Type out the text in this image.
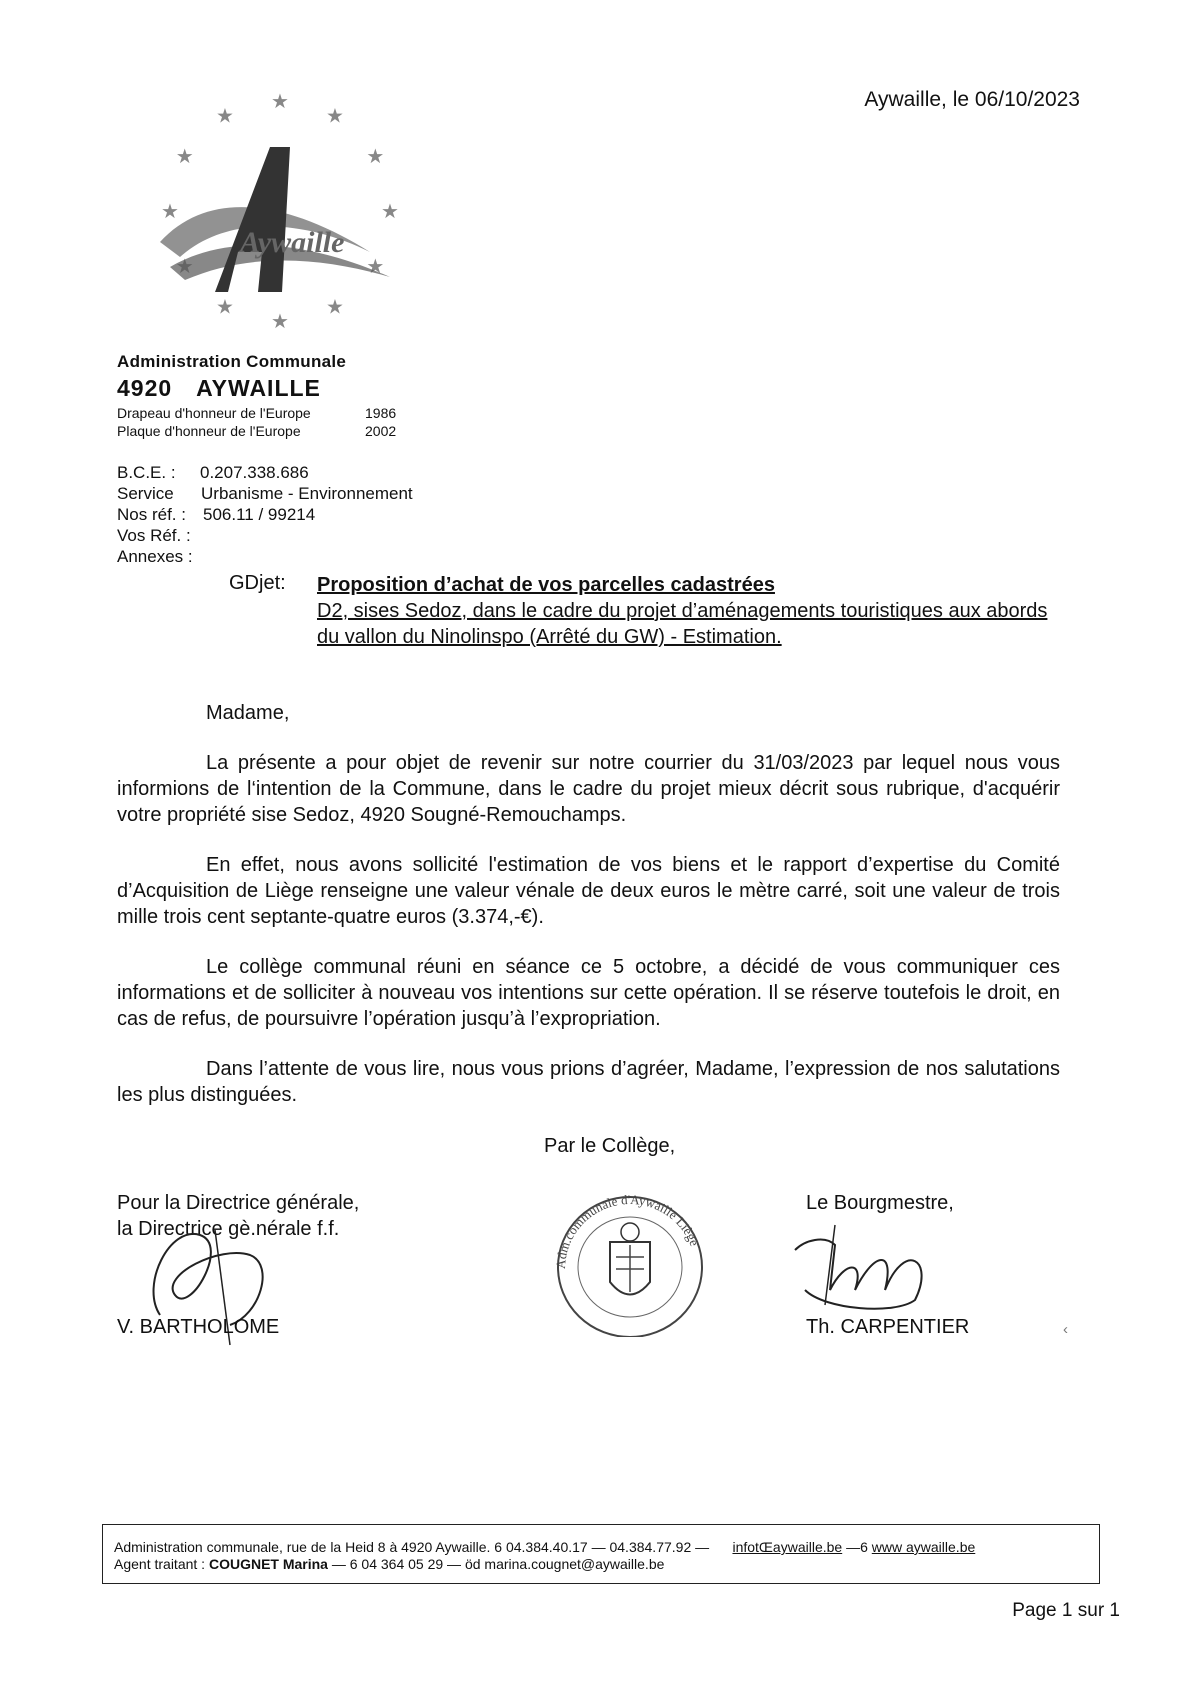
★
★
★
★
★
★
★
★
★
★
★
Aywaille
Aywaille, le 06/10/2023
Administration Communale
4920 AYWAILLE
Drapeau d'honneur de l'Europe	1986
Plaque d'honneur de l'Europe	2002
B.C.E. : 0.207.338.686
Service Urbanisme - Environnement
Nos réf. : 506.11 / 99214
Vos Réf. :
Annexes :
GDjet: Proposition d’achat de vos parcelles cadastrées
D2, sises Sedoz, dans le cadre du projet d’aménagements touristiques aux abords du vallon du Ninolinspo (Arrêté du GW) - Estimation.
Madame,
La présente a pour objet de revenir sur notre courrier du 31/03/2023 par lequel nous vous informions de l‘intention de la Commune, dans le cadre du projet mieux décrit sous rubrique, d'acquérir votre propriété sise Sedoz, 4920 Sougné-Remouchamps.
En effet, nous avons sollicité l'estimation de vos biens et le rapport d’expertise du Comité d’Acquisition de Liège renseigne une valeur vénale de deux euros le mètre carré, soit une valeur de trois mille trois cent septante-quatre euros (3.374,-€).
Le collège communal réuni en séance ce 5 octobre, a décidé de vous communiquer ces informations et de solliciter à nouveau vos intentions sur cette opération. Il se réserve toutefois le droit, en cas de refus, de poursuivre l’opération jusqu’à l’expropriation.
Dans l’attente de vous lire, nous vous prions d’agréer, Madame, l’expression de nos salutations les plus distinguées.
Par le Collège,
Pour la Directrice générale,
la Directrice gè.nérale f.f.
Le Bourgmestre,
Adm.communale d'Aywaille Liège
V. BARTHOLOME	Th. CARPENTIER	‹
Administration communale, rue de la Heid 8 à 4920 Aywaille. 6 04.384.40.17 — 04.384.77.92 — infotŒaywaille.be —6 www aywaille.be
Agent traitant : COUGNET Marina — 6 04 364 05 29 — öd marina.cougnet@aywaille.be
Page 1 sur 1
